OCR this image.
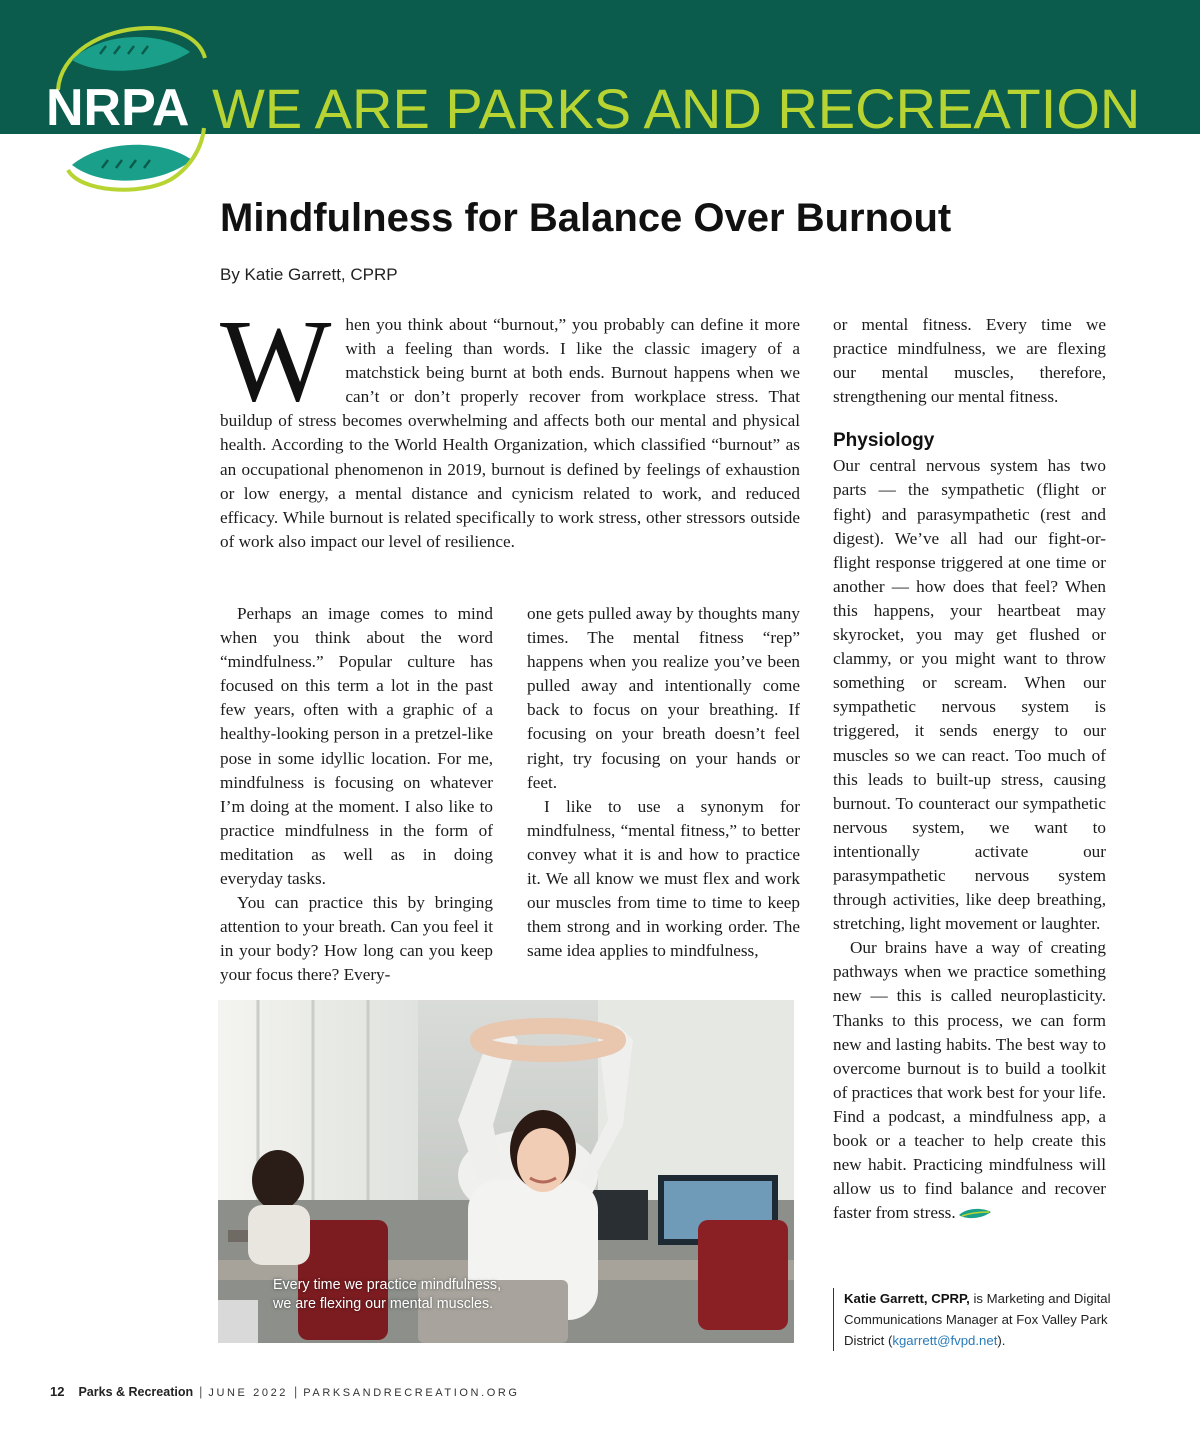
NRPA WE ARE PARKS AND RECREATION
Mindfulness for Balance Over Burnout
By Katie Garrett, CPRP
W hen you think about “burnout,” you probably can define it more with a feeling than words. I like the classic imagery of a matchstick being burnt at both ends. Burnout happens when we can’t or don’t properly recover from workplace stress. That buildup of stress becomes overwhelming and affects both our mental and physical health. According to the World Health Organization, which classified “burnout” as an occupational phenomenon in 2019, burnout is defined by feelings of exhaustion or low energy, a mental distance and cynicism related to work, and reduced efficacy. While burnout is related specifically to work stress, other stressors outside of work also impact our level of resilience.

Perhaps an image comes to mind when you think about the word “mindfulness.” Popular culture has focused on this term a lot in the past few years, often with a graphic of a healthy-looking person in a pretzel-like pose in some idyllic location. For me, mindfulness is focusing on whatever I’m doing at the moment. I also like to practice mindfulness in the form of meditation as well as in doing everyday tasks.

You can practice this by bringing attention to your breath. Can you feel it in your body? How long can you keep your focus there? Every-

one gets pulled away by thoughts many times. The mental fitness “rep” happens when you realize you’ve been pulled away and intentionally come back to focus on your breathing. If focusing on your breath doesn’t feel right, try focusing on your hands or feet.

I like to use a synonym for mindfulness, “mental fitness,” to better convey what it is and how to practice it. We all know we must flex and work our muscles from time to time to keep them strong and in working order. The same idea applies to mindfulness,

or mental fitness. Every time we practice mindfulness, we are flexing our mental muscles, therefore, strengthening our mental fitness.

Physiology

Our central nervous system has two parts — the sympathetic (flight or fight) and parasympathetic (rest and digest). We’ve all had our fight-or-flight response triggered at one time or another — how does that feel? When this happens, your heartbeat may skyrocket, you may get flushed or clammy, or you might want to throw something or scream. When our sympathetic nervous system is triggered, it sends energy to our muscles so we can react. Too much of this leads to built-up stress, causing burnout. To counteract our sympathetic nervous system, we want to intentionally activate our parasympathetic nervous system through activities, like deep breathing, stretching, light movement or laughter.

Our brains have a way of creating pathways when we practice something new — this is called neuroplasticity. Thanks to this process, we can form new and lasting habits. The best way to overcome burnout is to build a toolkit of practices that work best for your life. Find a podcast, a mindfulness app, a book or a teacher to help create this new habit. Practicing mindfulness will allow us to find balance and recover faster from stress.

Katie Garrett, CPRP, is Marketing and Digital Communications Manager at Fox Valley Park District (kgarrett@fvpd.net).
Every time we practice mindfulness, we are flexing our mental muscles.
12 Parks & Recreation | JUNE 2022 | PARKSANDRECREATION.ORG
